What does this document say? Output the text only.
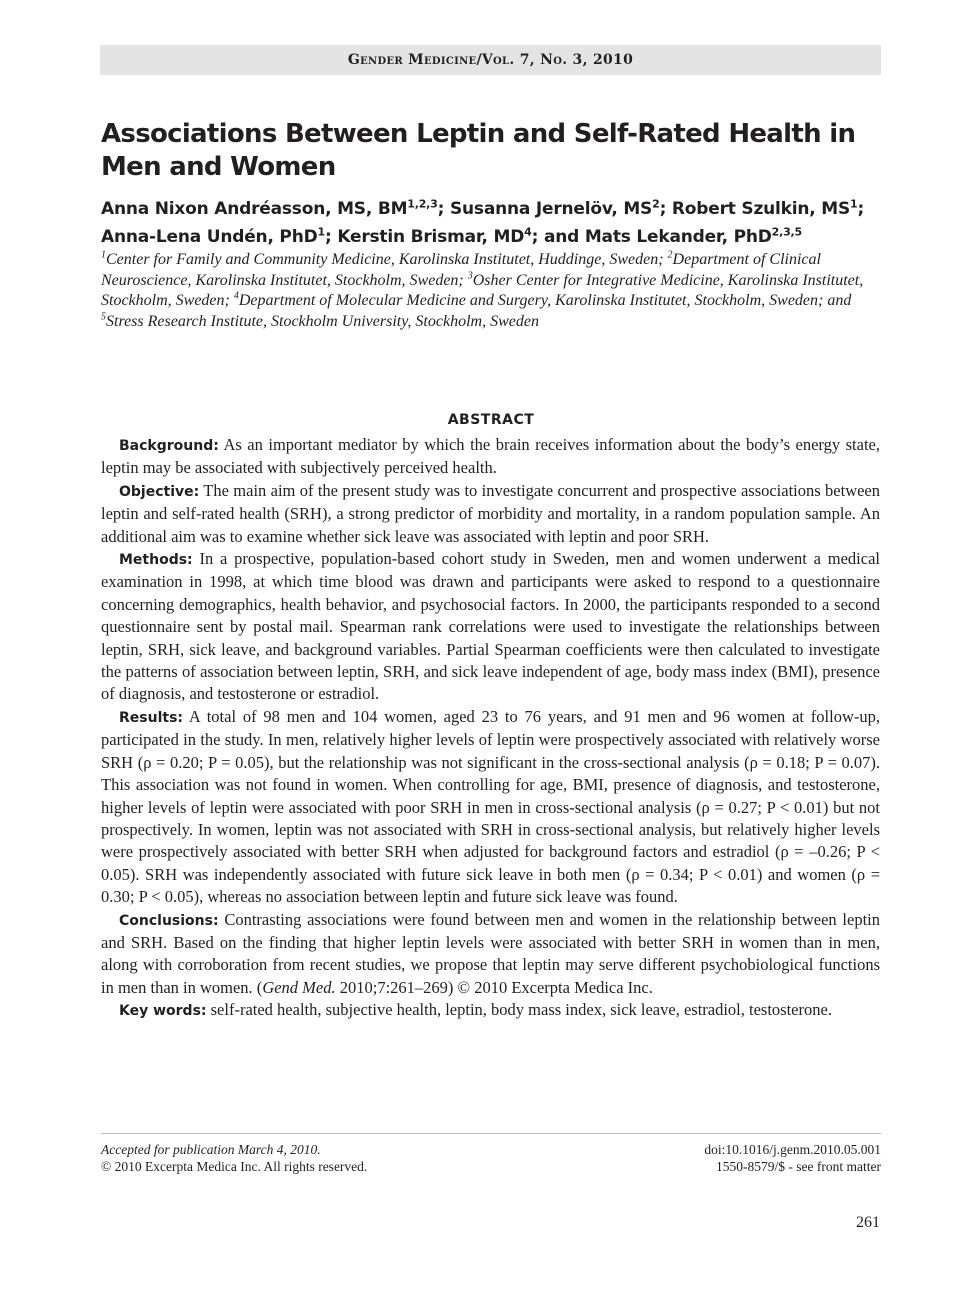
Gender Medicine/Vol. 7, No. 3, 2010
Associations Between Leptin and Self-Rated Health in Men and Women

Anna Nixon Andréasson, MS, BM$^{1,2,3}$; Susanna Jernelöv, $MS^2$; Robert Szulkin, $MS^1$;
Anna-Lena Undén, PhD$^1$; Kerstin Brismar, $MD^4$; and Mats Lekander, PhD$^{2,3,5}$

$^1$Center for Family and Community Medicine, Karolinska Institutet, Huddinge, Sweden; $^2$Department of Clinical Neuroscience, Karolinska Institutet, Stockholm, Sweden; $^3$Osher Center for Integrative Medicine, Karolinska Institutet, Stockholm, Sweden; $^4$Department of Molecular Medicine and Surgery, Karolinska Institutet, Stockholm, Sweden; and $^5$Stress Research Institute, Stockholm University, Stockholm, Sweden

ABSTRACT

Background: As an important mediator by which the brain receives information about the body’s energy state, leptin may be associated with subjectively perceived health.

Objective: The main aim of the present study was to investigate concurrent and prospective associations between leptin and self-rated health (SRH), a strong predictor of morbidity and mortality, in a random population sample. An additional aim was to examine whether sick leave was associated with leptin and poor SRH.

Methods: In a prospective, population-based cohort study in Sweden, men and women underwent a medical examination in 1998, at which time blood was drawn and participants were asked to respond to a questionnaire concerning demographics, health behavior, and psychosocial factors. In 2000, the participants responded to a second questionnaire sent by postal mail. Spearman rank correlations were used to investigate the relationships between leptin, SRH, sick leave, and background variables. Partial Spearman coefficients were then calculated to investigate the patterns of association between leptin, SRH, and sick leave independent of age, body mass index (BMI), presence of diagnosis, and testosterone or estradiol.

Results: A total of 98 men and 104 women, aged 23 to 76 years, and 91 men and 96 women at follow-up, participated in the study. In men, relatively higher levels of leptin were prospectively associated with relatively worse SRH (ρ = 0.20; P = 0.05), but the relationship was not significant in the cross-sectional analysis (ρ = 0.18; P = 0.07). This association was not found in women. When controlling for age, BMI, presence of diagnosis, and testosterone, higher levels of leptin were associated with poor SRH in men in cross-sectional analysis (ρ = 0.27; P < 0.01) but not prospectively. In women, leptin was not associated with SRH in cross-sectional analysis, but relatively higher levels were prospectively associated with better SRH when adjusted for background factors and estradiol (ρ = –0.26; P < 0.05). SRH was independently associated with future sick leave in both men (ρ = 0.34; P < 0.01) and women (ρ = 0.30; P < 0.05), whereas no association between leptin and future sick leave was found.

Conclusions: Contrasting associations were found between men and women in the relationship between leptin and SRH. Based on the finding that higher leptin levels were associated with better SRH in women than in men, along with corroboration from recent studies, we propose that leptin may serve different psychobiological functions in men than in women. (Gend Med. 2010;7:261–269) © 2010 Excerpta Medica Inc.

Key words: self-rated health, subjective health, leptin, body mass index, sick leave, estradiol, testosterone.

Accepted for publication March 4, 2010.
© 2010 Excerpta Medica Inc. All rights reserved.
doi:10.1016/j.genm.2010.05.001
1550-8579/$ - see front matter
261
